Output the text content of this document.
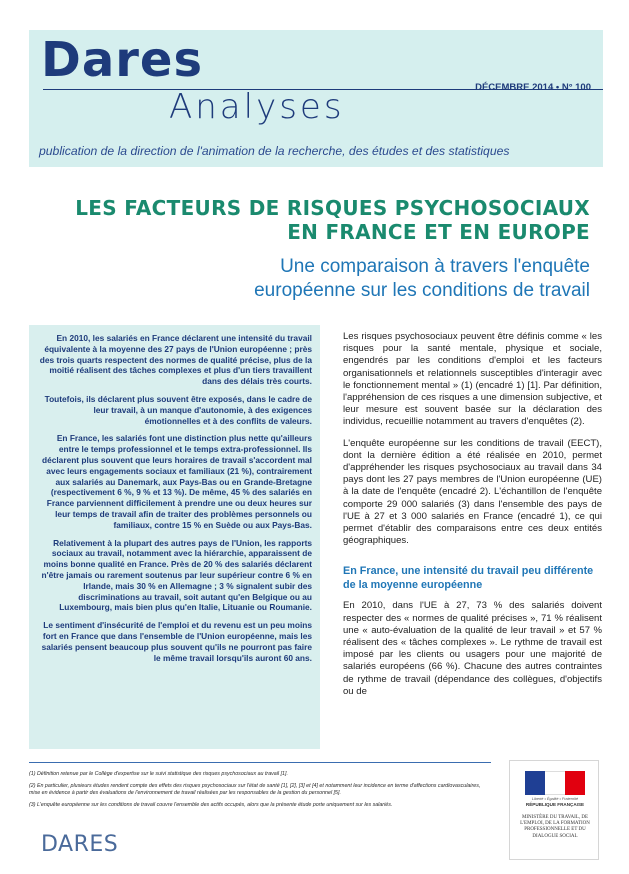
Dares
Analyses	DÉCEMBRE 2014 • N° 100
publication de la direction de l'animation de la recherche, des études et des statistiques
LES FACTEURS DE RISQUES PSYCHOSOCIAUX
EN FRANCE ET EN EUROPE
Une comparaison à travers l'enquête
européenne sur les conditions de travail

En 2010, les salariés en France déclarent une intensité du travail équivalente à la moyenne des 27 pays de l'Union européenne ; près des trois quarts respectent des normes de qualité précise, plus de la moitié réalisent des tâches complexes et plus d'un tiers travaillent dans des délais très courts.

Toutefois, ils déclarent plus souvent être exposés, dans le cadre de leur travail, à un manque d'autonomie, à des exigences émotionnelles et à des conflits de valeurs.

En France, les salariés font une distinction plus nette qu'ailleurs entre le temps professionnel et le temps extra-professionnel. Ils déclarent plus souvent que leurs horaires de travail s'accordent mal avec leurs engagements sociaux et familiaux (21 %), contrairement aux salariés au Danemark, aux Pays-Bas ou en Grande-Bretagne (respectivement 6 %, 9 % et 13 %). De même, 45 % des salariés en France parviennent difficilement à prendre une ou deux heures sur leur temps de travail afin de traiter des problèmes personnels ou familiaux, contre 15 % en Suède ou aux Pays-Bas.

Relativement à la plupart des autres pays de l'Union, les rapports sociaux au travail, notamment avec la hiérarchie, apparaissent de moins bonne qualité en France. Près de 20 % des salariés déclarent n'être jamais ou rarement soutenus par leur supérieur contre 6 % en Irlande, mais 30 % en Allemagne ; 3 % signalent subir des discriminations au travail, soit autant qu'en Belgique ou au Luxembourg, mais bien plus qu'en Italie, Lituanie ou Roumanie.

Le sentiment d'insécurité de l'emploi et du revenu est un peu moins fort en France que dans l'ensemble de l'Union européenne, mais les salariés pensent beaucoup plus souvent qu'ils ne pourront pas faire le même travail lorsqu'ils auront 60 ans.

Les risques psychosociaux peuvent être définis comme « les risques pour la santé mentale, physique et sociale, engendrés par les conditions d'emploi et les facteurs organisationnels et relationnels susceptibles d'interagir avec le fonctionnement mental » (1) (encadré 1) [1]. Par définition, l'appréhension de ces risques a une dimension subjective, et leur mesure est souvent basée sur la déclaration des individus, recueillie notamment au travers d'enquêtes (2).

L'enquête européenne sur les conditions de travail (EECT), dont la dernière édition a été réalisée en 2010, permet d'appréhender les risques psychosociaux au travail dans 34 pays dont les 27 pays membres de l'Union européenne (UE) à la date de l'enquête (encadré 2). L'échantillon de l'enquête comporte 29 000 salariés (3) dans l'ensemble des pays de l'UE à 27 et 3 000 salariés en France (encadré 1), ce qui permet d'établir des comparaisons entre ces deux entités géographiques.

En France, une intensité du travail peu différente de la moyenne européenne

En 2010, dans l'UE à 27, 73 % des salariés doivent respecter des « normes de qualité précises », 71 % réalisent une « auto-évaluation de la qualité de leur travail » et 57 % réalisent des « tâches complexes ». Le rythme de travail est imposé par les clients ou usagers pour une majorité de salariés européens (66 %). Chacune des autres contraintes de rythme de travail (dépendance des collègues, d'objectifs ou de

(1) Définition retenue par le Collège d'expertise sur le suivi statistique des risques psychosociaux au travail [1].

(2) En particulier, plusieurs études rendent compte des effets des risques psychosociaux sur l'état de santé [1], [2], [3] et [4] et notamment leur incidence en terme d'affections cardiovasculaires, mise en évidence à partir des évaluations de l'environnement de travail réalisées par les responsables de la gestion du personnel [5].

(3) L'enquête européenne sur les conditions de travail couvre l'ensemble des actifs occupés, alors que la présente étude porte uniquement sur les salariés.

DARES
Liberté • Égalité • Fraternité
RÉPUBLIQUE FRANÇAISE
MINISTÈRE DU TRAVAIL, DE L'EMPLOI, DE LA FORMATION PROFESSIONNELLE ET DU DIALOGUE SOCIAL
